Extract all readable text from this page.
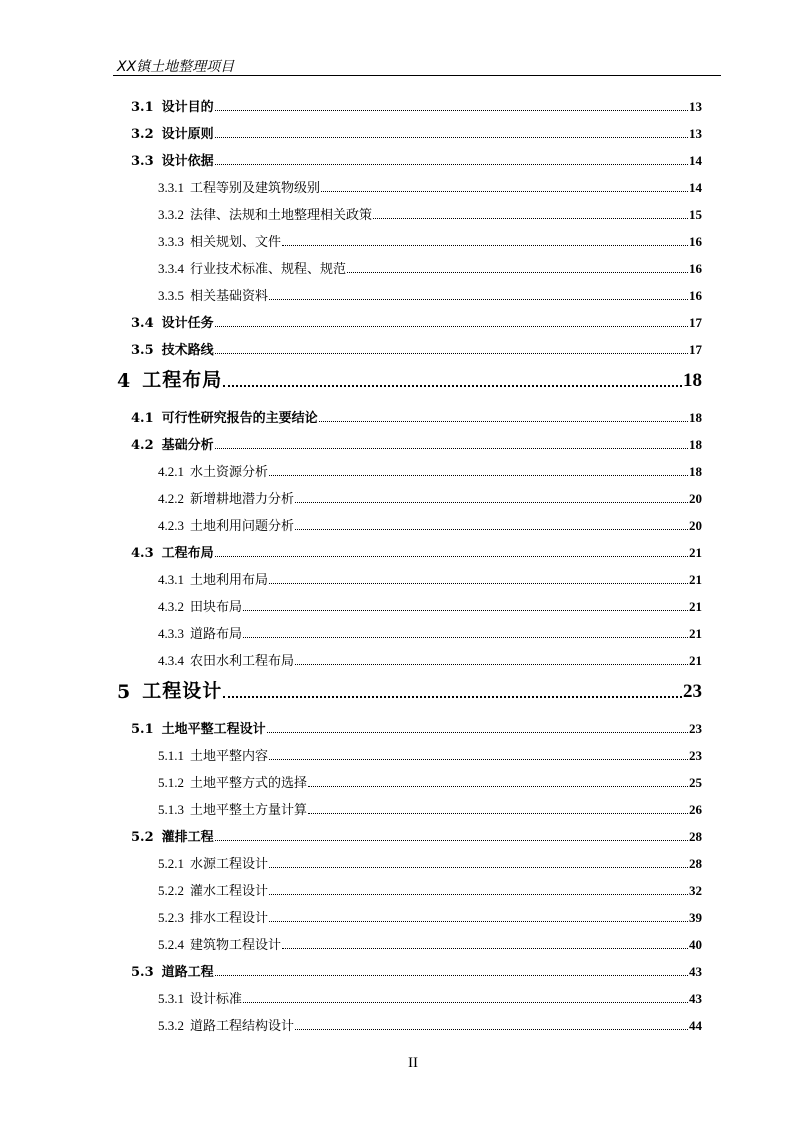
XX镇土地整理项目
3.1 设计目的	13
3.2 设计原则	13
3.3 设计依据	14
3.3.1 工程等别及建筑物级别	14
3.3.2 法律、法规和土地整理相关政策	15
3.3.3 相关规划、文件	16
3.3.4 行业技术标准、规程、规范	16
3.3.5 相关基础资料	16
3.4 设计任务	17
3.5 技术路线	17
4 工程布局	18
4.1 可行性研究报告的主要结论	18
4.2 基础分析	18
4.2.1 水土资源分析	18
4.2.2 新增耕地潜力分析	20
4.2.3 土地利用问题分析	20
4.3 工程布局	21
4.3.1 土地利用布局	21
4.3.2 田块布局	21
4.3.3 道路布局	21
4.3.4 农田水利工程布局	21
5 工程设计	23
5.1 土地平整工程设计	23
5.1.1 土地平整内容	23
5.1.2 土地平整方式的选择	25
5.1.3 土地平整土方量计算	26
5.2 灌排工程	28
5.2.1 水源工程设计	28
5.2.2 灌水工程设计	32
5.2.3 排水工程设计	39
5.2.4 建筑物工程设计	40
5.3 道路工程	43
5.3.1 设计标准	43
5.3.2 道路工程结构设计	44
II
